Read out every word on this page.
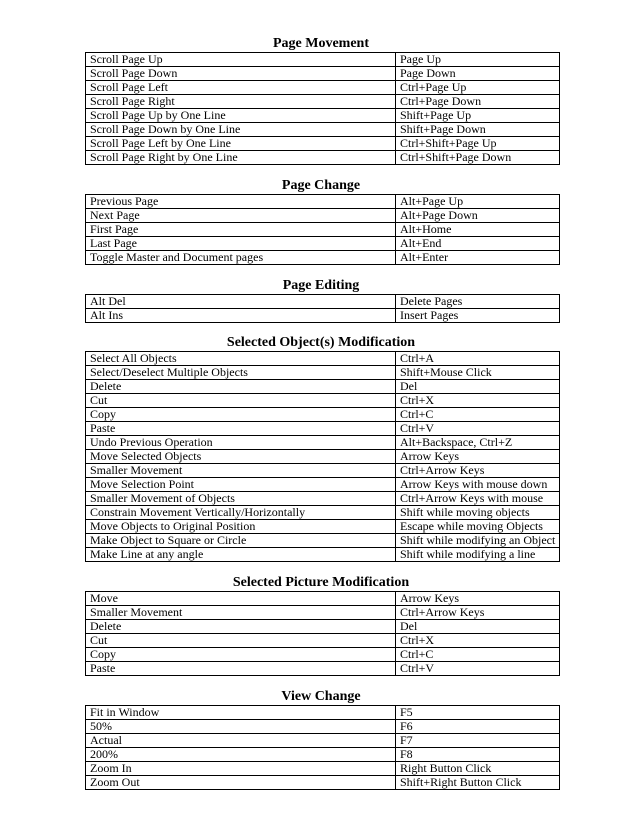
Page Movement
Scroll Page Up	Page Up
Scroll Page Down	Page Down
Scroll Page Left	Ctrl+Page Up
Scroll Page Right	Ctrl+Page Down
Scroll Page Up by One Line	Shift+Page Up
Scroll Page Down by One Line	Shift+Page Down
Scroll Page Left by One Line	Ctrl+Shift+Page Up
Scroll Page Right by One Line	Ctrl+Shift+Page Down
Page Change
Previous Page	Alt+Page Up
Next Page	Alt+Page Down
First Page	Alt+Home
Last Page	Alt+End
Toggle Master and Document pages	Alt+Enter
Page Editing
Alt Del	Delete Pages
Alt Ins	Insert Pages
Selected Object(s) Modification
Select All Objects	Ctrl+A
Select/Deselect Multiple Objects	Shift+Mouse Click
Delete	Del
Cut	Ctrl+X
Copy	Ctrl+C
Paste	Ctrl+V
Undo Previous Operation	Alt+Backspace, Ctrl+Z
Move Selected Objects	Arrow Keys
Smaller Movement	Ctrl+Arrow Keys
Move Selection Point	Arrow Keys with mouse down
Smaller Movement of Objects	Ctrl+Arrow Keys with mouse
Constrain Movement Vertically/Horizontally	Shift while moving objects
Move Objects to Original Position	Escape while moving Objects
Make Object to Square or Circle	Shift while modifying an Object
Make Line at any angle	Shift while modifying a line
Selected Picture Modification
Move	Arrow Keys
Smaller Movement	Ctrl+Arrow Keys
Delete	Del
Cut	Ctrl+X
Copy	Ctrl+C
Paste	Ctrl+V
View Change
Fit in Window	F5
50%	F6
Actual	F7
200%	F8
Zoom In	Right Button Click
Zoom Out	Shift+Right Button Click
